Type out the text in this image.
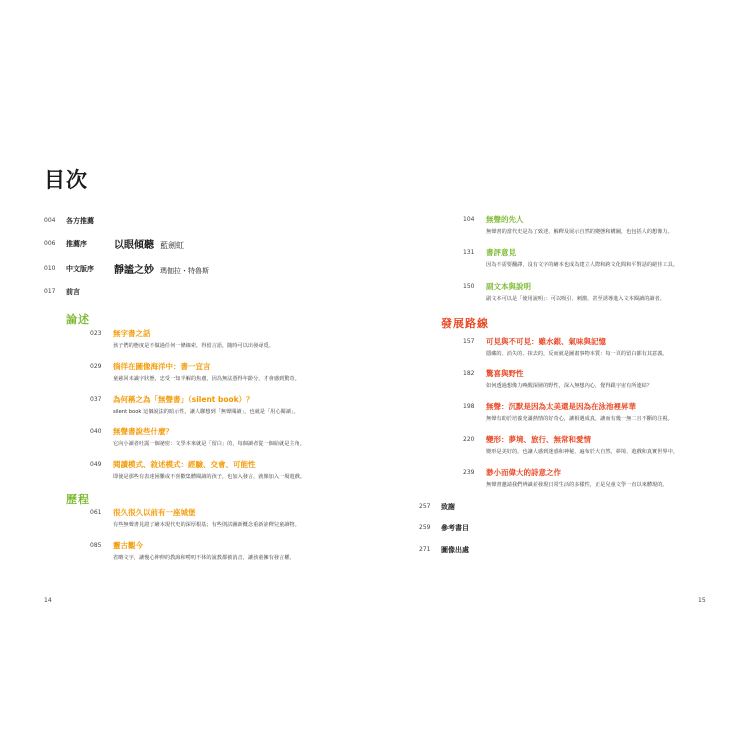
目次
004	各方推薦
006	推薦序	以眼傾聽 藍劍虹
010	中文版序 靜謐之妙 瑪伽拉・特魯斯
017	前言
論述
023	無字書之話
孩子們的態度是不做過任何一條線索，得留言語，隨時可以出發尋覓。
029	徜徉在圖像海洋中：書一宜言
童慈回未識字狀態，忠受一知半解的焦慮，因為無法憑得年齡分，才會感到驚奇。
037	為何稱之為「無聲書」（silent book）？
silent book 這個說法的暗示性，讓人聯想到「無聲閱讀」，也就是「用心閱讀」。
040	無聲書說些什麼？
它向小讀者吐露一個祕密：文學本來就是「留白」的，每個讀者從一個給就是主角。
049	閱讀模式、敘述模式：經驗、交會、可能性
即使是那些有表達困難或不喜歡集體閱讀的孩子，也加入發言，就像加入一場遊戲。
歷程
061	很久很久以前有一座城堡
有些無聲書見證了繪本現代史的深厚根基；有些則試圖新概念重新詮釋兒童讀物。
085	靈古觀今
省略文字，讓慢心伸伸的教誨和嘮叨不休的說教都被消音，讓孩童擁有發言權。
104	無聲的先人
無聲書的當代史是為了致述、解釋及展示自然的變態和構圖，也包括人的想像力。
131	書評意見
因為不需要翻譯，沒有文字的繪本也成為建立人際和跨文化間和平對話的絕佳工具。
150	副文本與說明
副文本可以是「使用說明」：可以吸引、刺激，甚至誘導進入文本閱讀的讀者。
發展路線
157	可見與不可見：雖水銀、氣味與記憶
隱藏的、消失的、抹去的，反而就是圖畫事物本質：每一頁的留白都有其意義。
182	驚喜與野性
如何透過想像力喚醒深層的野性，深入無想內心，覺得跟宇宙有所連結？
198	無聲：沉默是因為太美還是因為在泳池裡昇華
無聲有助於培養充滿熱情的好奇心，讓相遇成真，讓而有幾一無二且不斷的注視。
220	變形：夢境、旅行、無常和愛情
變形是美好的，也讓人感到迷惑和神秘，遍布於大自然、夢境、遊戲和真實世界中。
239	渺小而偉大的詩意之作
無聲書邀請我們辨識並發現日常生活的多樣性，正是兒童文學一直以來體現的。
257	致謝
259	參考書目
271	圖像出處
14	15
